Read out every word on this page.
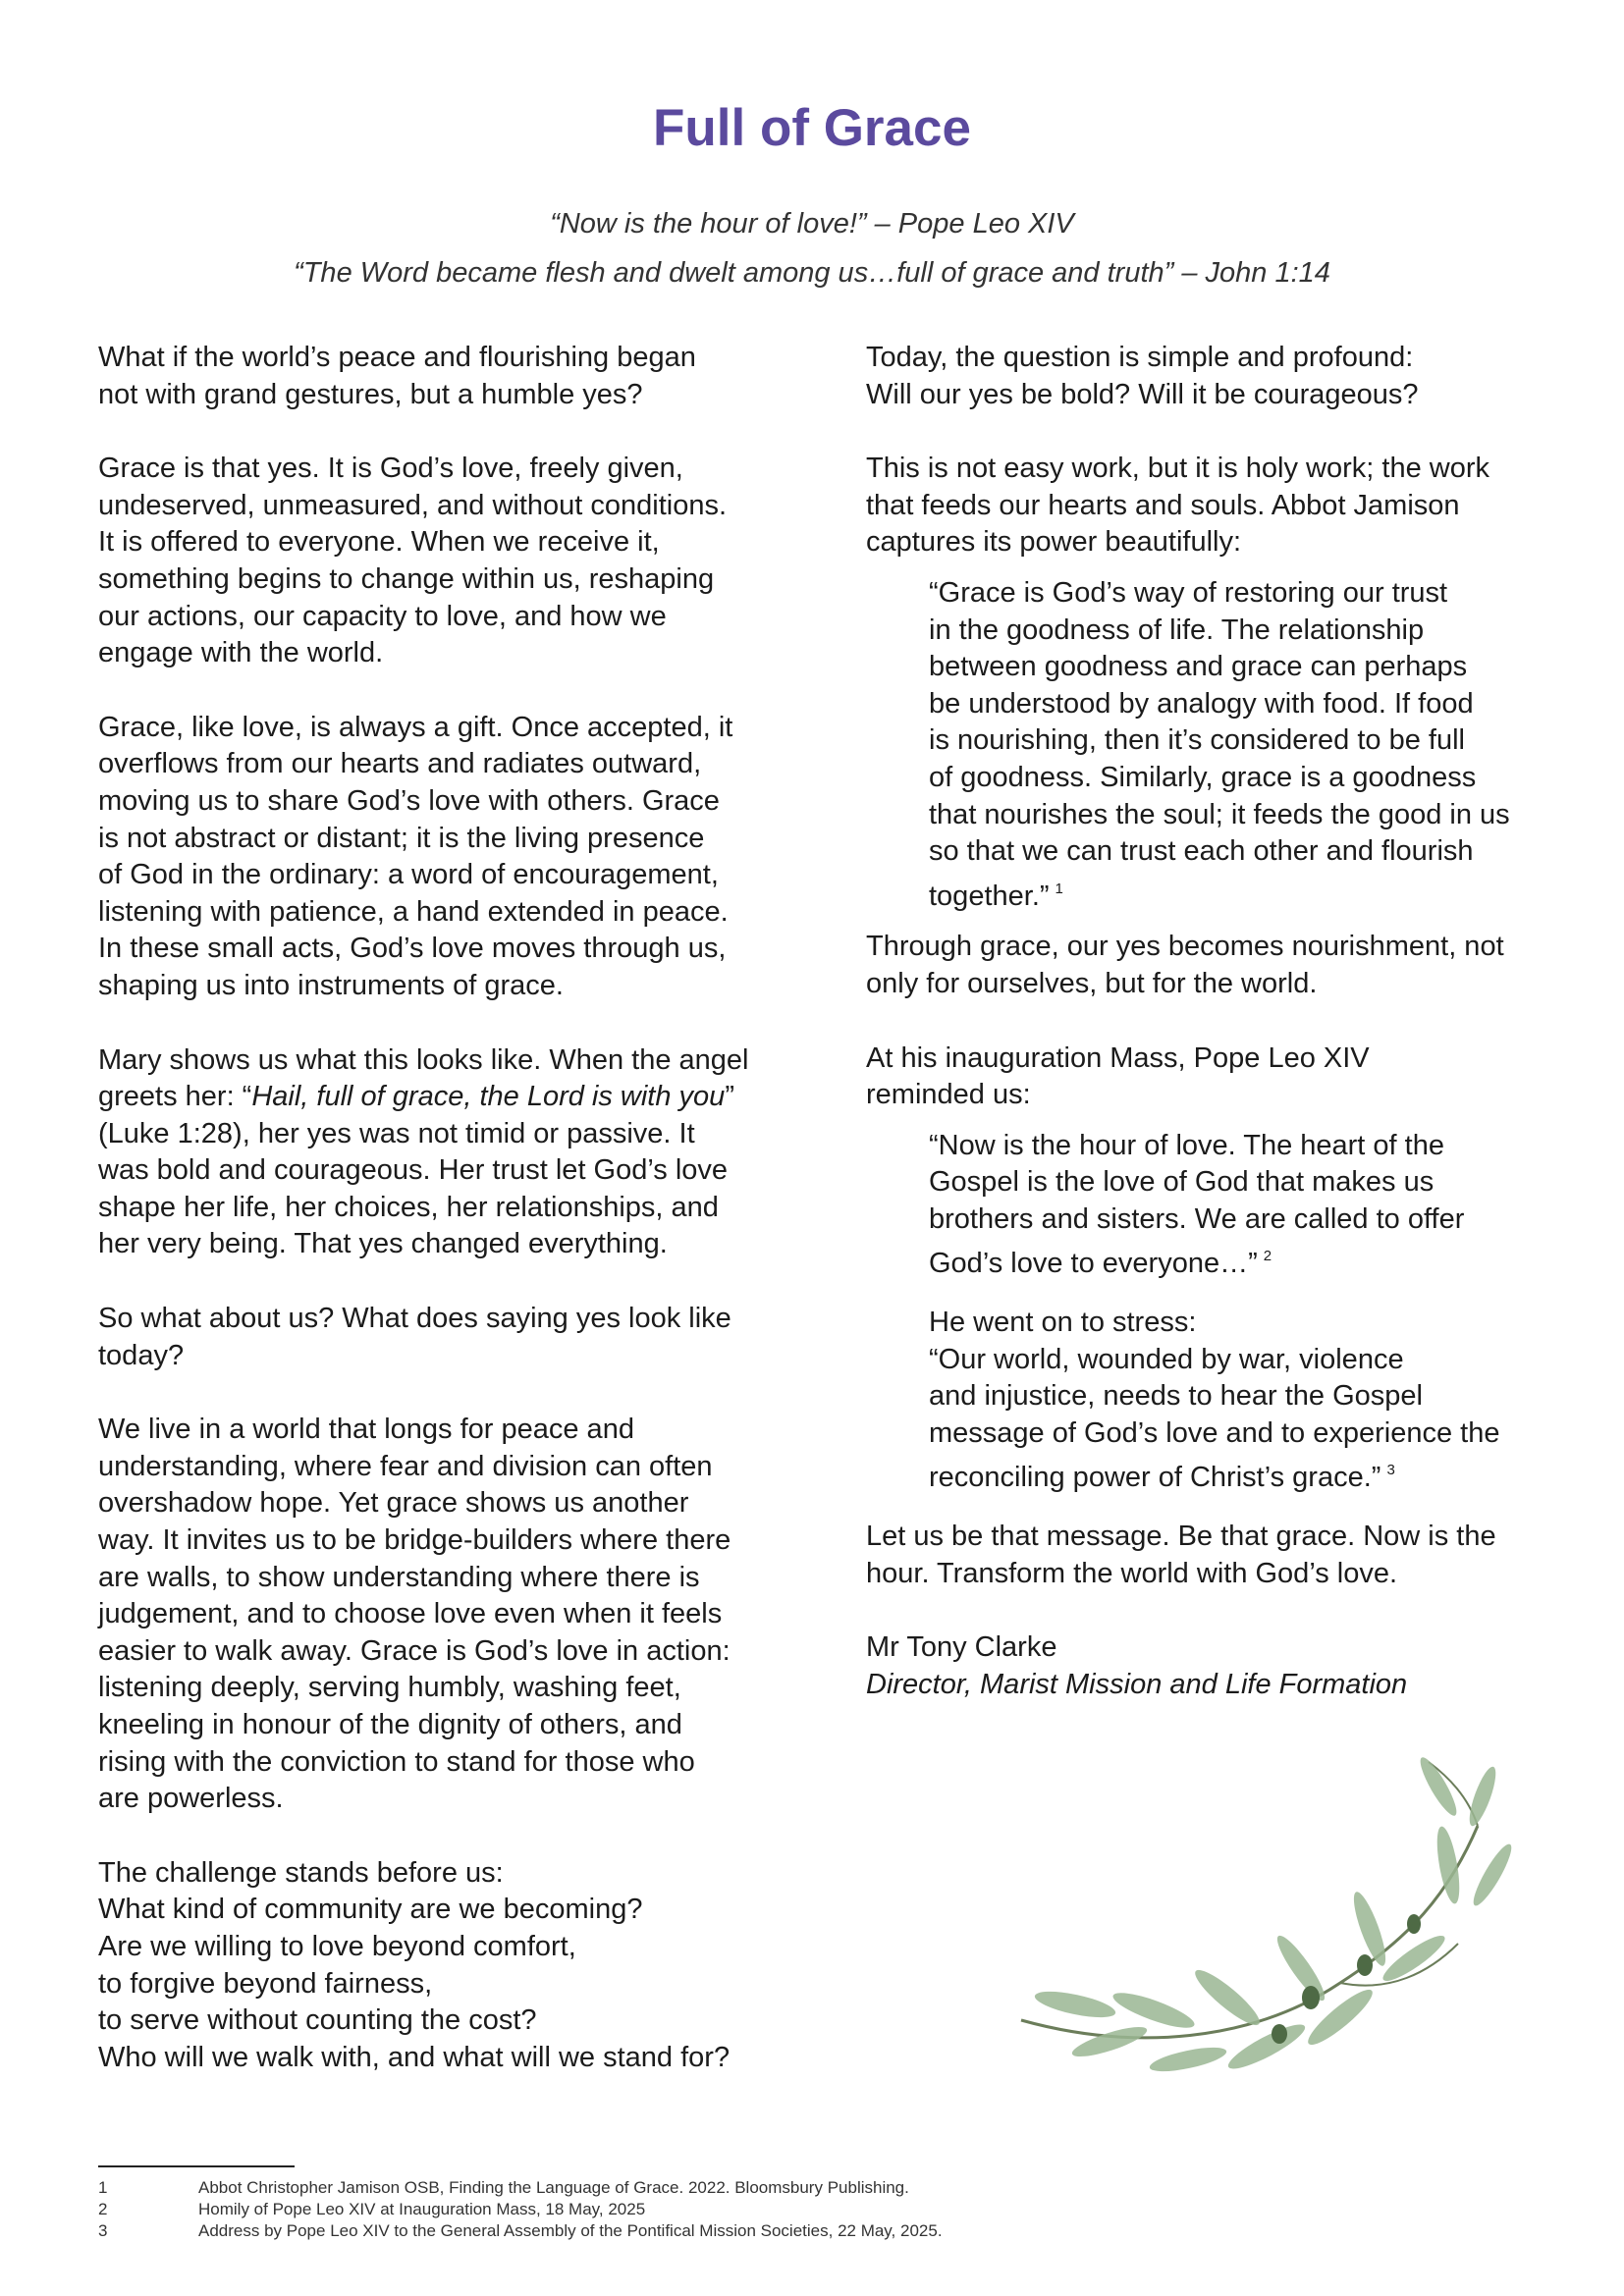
Full of Grace
“Now is the hour of love!” – Pope Leo XIV
“The Word became flesh and dwelt among us…full of grace and truth” – John 1:14

What if the world’s peace and flourishing began
not with grand gestures, but a humble yes?

Grace is that yes. It is God’s love, freely given,
undeserved, unmeasured, and without conditions.
It is offered to everyone. When we receive it,
something begins to change within us, reshaping
our actions, our capacity to love, and how we
engage with the world.

Grace, like love, is always a gift. Once accepted, it
overflows from our hearts and radiates outward,
moving us to share God’s love with others. Grace
is not abstract or distant; it is the living presence
of God in the ordinary: a word of encouragement,
listening with patience, a hand extended in peace.
In these small acts, God’s love moves through us,
shaping us into instruments of grace.

Mary shows us what this looks like. When the angel
greets her: “Hail, full of grace, the Lord is with you”
(Luke 1:28), her yes was not timid or passive. It
was bold and courageous. Her trust let God’s love
shape her life, her choices, her relationships, and
her very being. That yes changed everything.

So what about us? What does saying yes look like
today?

We live in a world that longs for peace and
understanding, where fear and division can often
overshadow hope. Yet grace shows us another
way. It invites us to be bridge-builders where there
are walls, to show understanding where there is
judgement, and to choose love even when it feels
easier to walk away. Grace is God’s love in action:
listening deeply, serving humbly, washing feet,
kneeling in honour of the dignity of others, and
rising with the conviction to stand for those who
are powerless.

The challenge stands before us:
What kind of community are we becoming?
Are we willing to love beyond comfort,
to forgive beyond fairness,
to serve without counting the cost?
Who will we walk with, and what will we stand for?

Today, the question is simple and profound:
Will our yes be bold? Will it be courageous?

This is not easy work, but it is holy work; the work
that feeds our hearts and souls. Abbot Jamison
captures its power beautifully:

“Grace is God’s way of restoring our trust
in the goodness of life. The relationship
between goodness and grace can perhaps
be understood by analogy with food. If food
is nourishing, then it’s considered to be full
of goodness. Similarly, grace is a goodness
that nourishes the soul; it feeds the good in us
so that we can trust each other and flourish
together.” $^1$

Through grace, our yes becomes nourishment, not
only for ourselves, but for the world.

At his inauguration Mass, Pope Leo XIV
reminded us:

“Now is the hour of love. The heart of the
Gospel is the love of God that makes us
brothers and sisters. We are called to offer
God’s love to everyone…” $^2$

He went on to stress:
“Our world, wounded by war, violence
and injustice, needs to hear the Gospel
message of God’s love and to experience the
reconciling power of Christ’s grace.” $^3$

Let us be that message. Be that grace. Now is the
hour. Transform the world with God’s love.

Mr Tony Clarke
Director, Marist Mission and Life Formation

1	Abbot Christopher Jamison OSB, Finding the Language of Grace. 2022. Bloomsbury Publishing.
2	Homily of Pope Leo XIV at Inauguration Mass, 18 May, 2025
3	Address by Pope Leo XIV to the General Assembly of the Pontifical Mission Societies, 22 May, 2025.
